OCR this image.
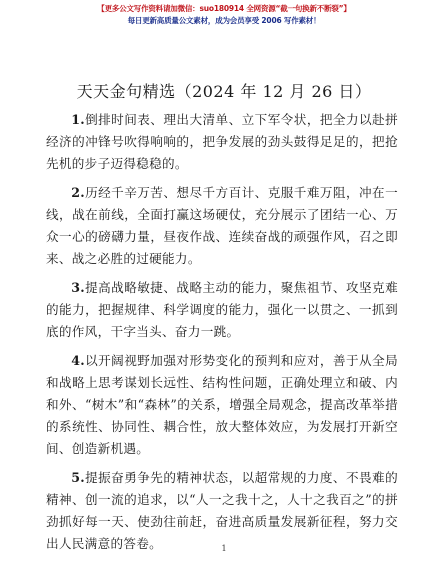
【更多公文写作资料请加微信：suo180914 全网资源“截一句换新不断裂”】
每日更新高质量公文素材，成为会员享受 2006 写作素材！
天天金句精选（2024 年 12 月 26 日）

1.倒排时间表、理出大清单、立下军令状，把全力以赴拼经济的冲锋号吹得响响的，把争发展的劲头鼓得足足的，把抢先机的步子迈得稳稳的。

2.历经千辛万苦、想尽千方百计、克服千难万阻，冲在一线，战在前线，全面打赢这场硬仗，充分展示了团结一心、万众一心的磅礴力量，昼夜作战、连续奋战的顽强作风，召之即来、战之必胜的过硬能力。

3.提高战略敏捷、战略主动的能力，聚焦祖节、攻坚克难的能力，把握规律、科学调度的能力，强化一以贯之、一抓到底的作风，干字当头、奋力一跳。

4.以开阔视野加强对形势变化的预判和应对，善于从全局和战略上思考谋划长远性、结构性问题，正确处理立和破、内和外、“树木”和“森林”的关系，增强全局观念，提高改革举措的系统性、协同性、耦合性，放大整体效应，为发展打开新空间、创造新机遇。

5.提振奋勇争先的精神状态，以超常规的力度、不畏难的精神、创一流的追求，以“人一之我十之，人十之我百之”的拼劲抓好每一天、使劲往前赶，奋进高质量发展新征程，努力交出人民满意的答卷。	1
